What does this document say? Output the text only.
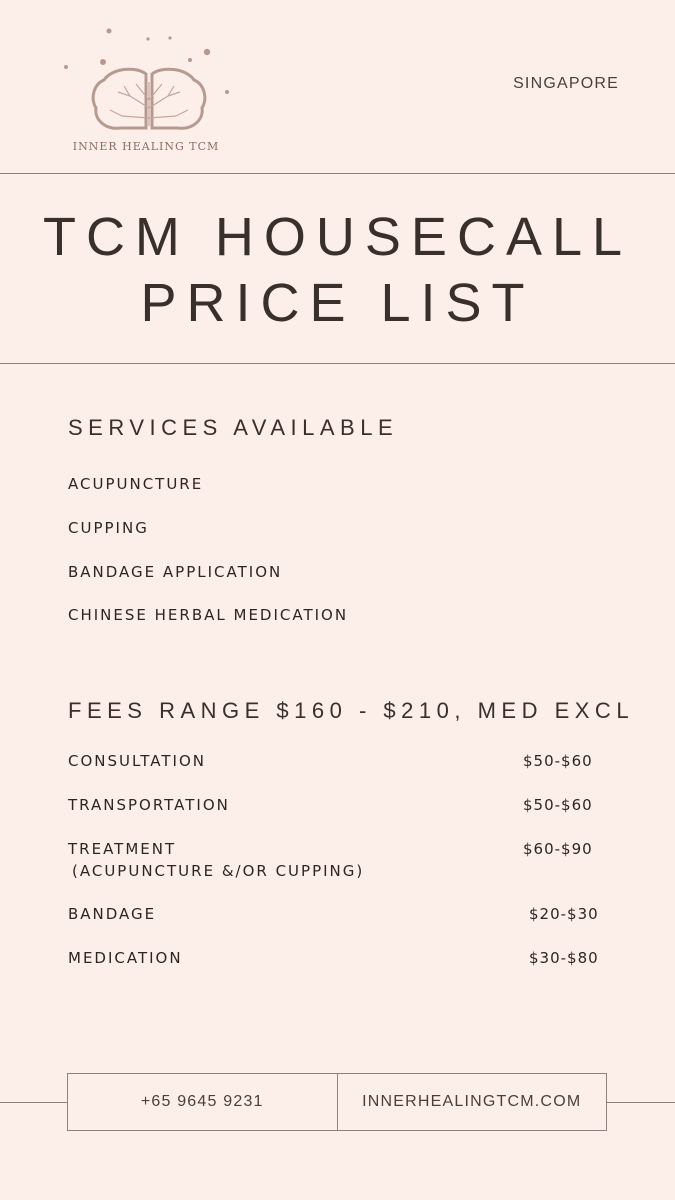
INNER HEALING TCM
SINGAPORE
TCM HOUSECALL
PRICE LIST
SERVICES AVAILABLE
ACUPUNCTURE
CUPPING
BANDAGE APPLICATION
CHINESE HERBAL MEDICATION
FEES RANGE $160 - $210, MED EXCL
CONSULTATION	$50-$60
TRANSPORTATION	$50-$60
TREATMENT
(ACUPUNCTURE &/OR CUPPING)
$60-$90
BANDAGE	$20-$30
MEDICATION	$30-$80
+65 9645 9231	INNERHEALINGTCM.COM
